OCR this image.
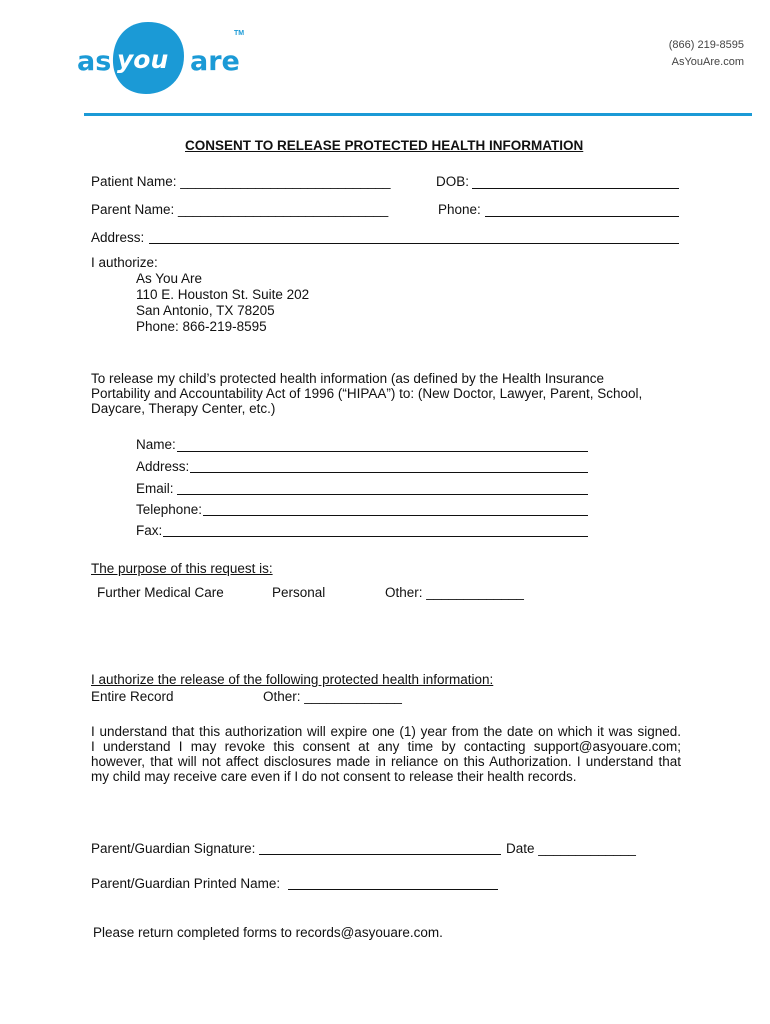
as you are
TM
(866) 219-8595
AsYouAre.com
CONSENT TO RELEASE PROTECTED HEALTH INFORMATION
Patient Name: ____________________________	DOB:
Parent Name: ____________________________	Phone:
Address:
I authorize:
As You Are
110 E. Houston St. Suite 202
San Antonio, TX 78205
Phone: 866-219-8595
To release my child’s protected health information (as defined by the Health Insurance
Portability and Accountability Act of 1996 (“HIPAA”) to: (New Doctor, Lawyer, Parent, School,
Daycare, Therapy Center, etc.)
Name:
Address:
Email:
Telephone:
Fax:
The purpose of this request is:
Further Medical Care	Personal	Other: _____________
I authorize the release of the following protected health information:
Entire Record	Other: _____________
I understand that this authorization will expire one (1) year from the date on which it was signed.
I understand I may revoke this consent at any time by contacting support@asyouare.com;
however, that will not affect disclosures made in reliance on this Authorization. I understand that
my child may receive care even if I do not consent to release their health records.
Parent/Guardian Signature:	Date _____________
Parent/Guardian Printed Name:
Please return completed forms to records@asyouare.com.
